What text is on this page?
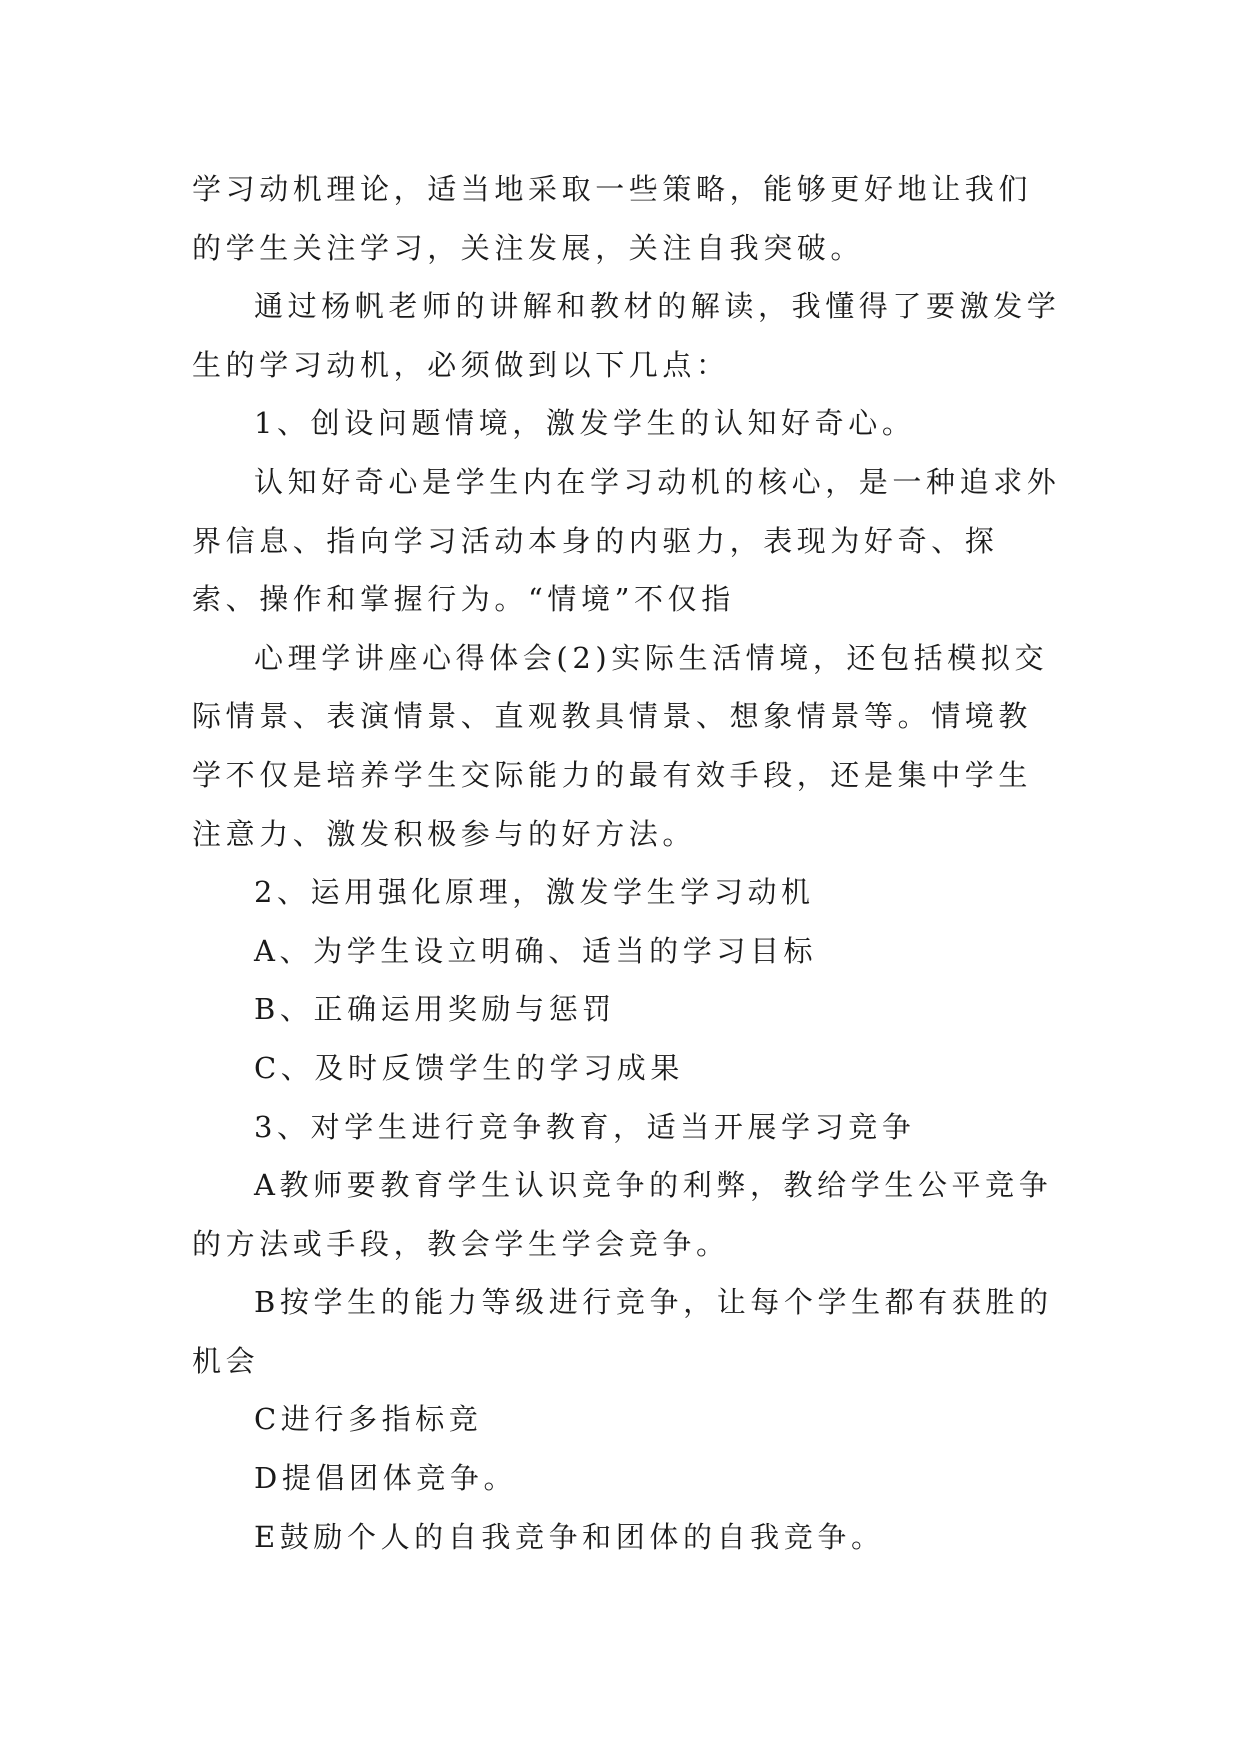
学习动机理论，适当地采取一些策略，能够更好地让我们的学生关注学习，关注发展，关注自我突破。

通过杨帆老师的讲解和教材的解读，我懂得了要激发学生的学习动机，必须做到以下几点：

1、创设问题情境，激发学生的认知好奇心。

认知好奇心是学生内在学习动机的核心，是一种追求外界信息、指向学习活动本身的内驱力，表现为好奇、探索、操作和掌握行为。“情境”不仅指

心理学讲座心得体会(2)实际生活情境，还包括模拟交际情景、表演情景、直观教具情景、想象情景等。情境教学不仅是培养学生交际能力的最有效手段，还是集中学生注意力、激发积极参与的好方法。

2、运用强化原理，激发学生学习动机

A、为学生设立明确、适当的学习目标

B、正确运用奖励与惩罚

C、及时反馈学生的学习成果

3、对学生进行竞争教育，适当开展学习竞争

A教师要教育学生认识竞争的利弊，教给学生公平竞争的方法或手段，教会学生学会竞争。

B按学生的能力等级进行竞争，让每个学生都有获胜的机会

C进行多指标竞

D提倡团体竞争。

E鼓励个人的自我竞争和团体的自我竞争。
